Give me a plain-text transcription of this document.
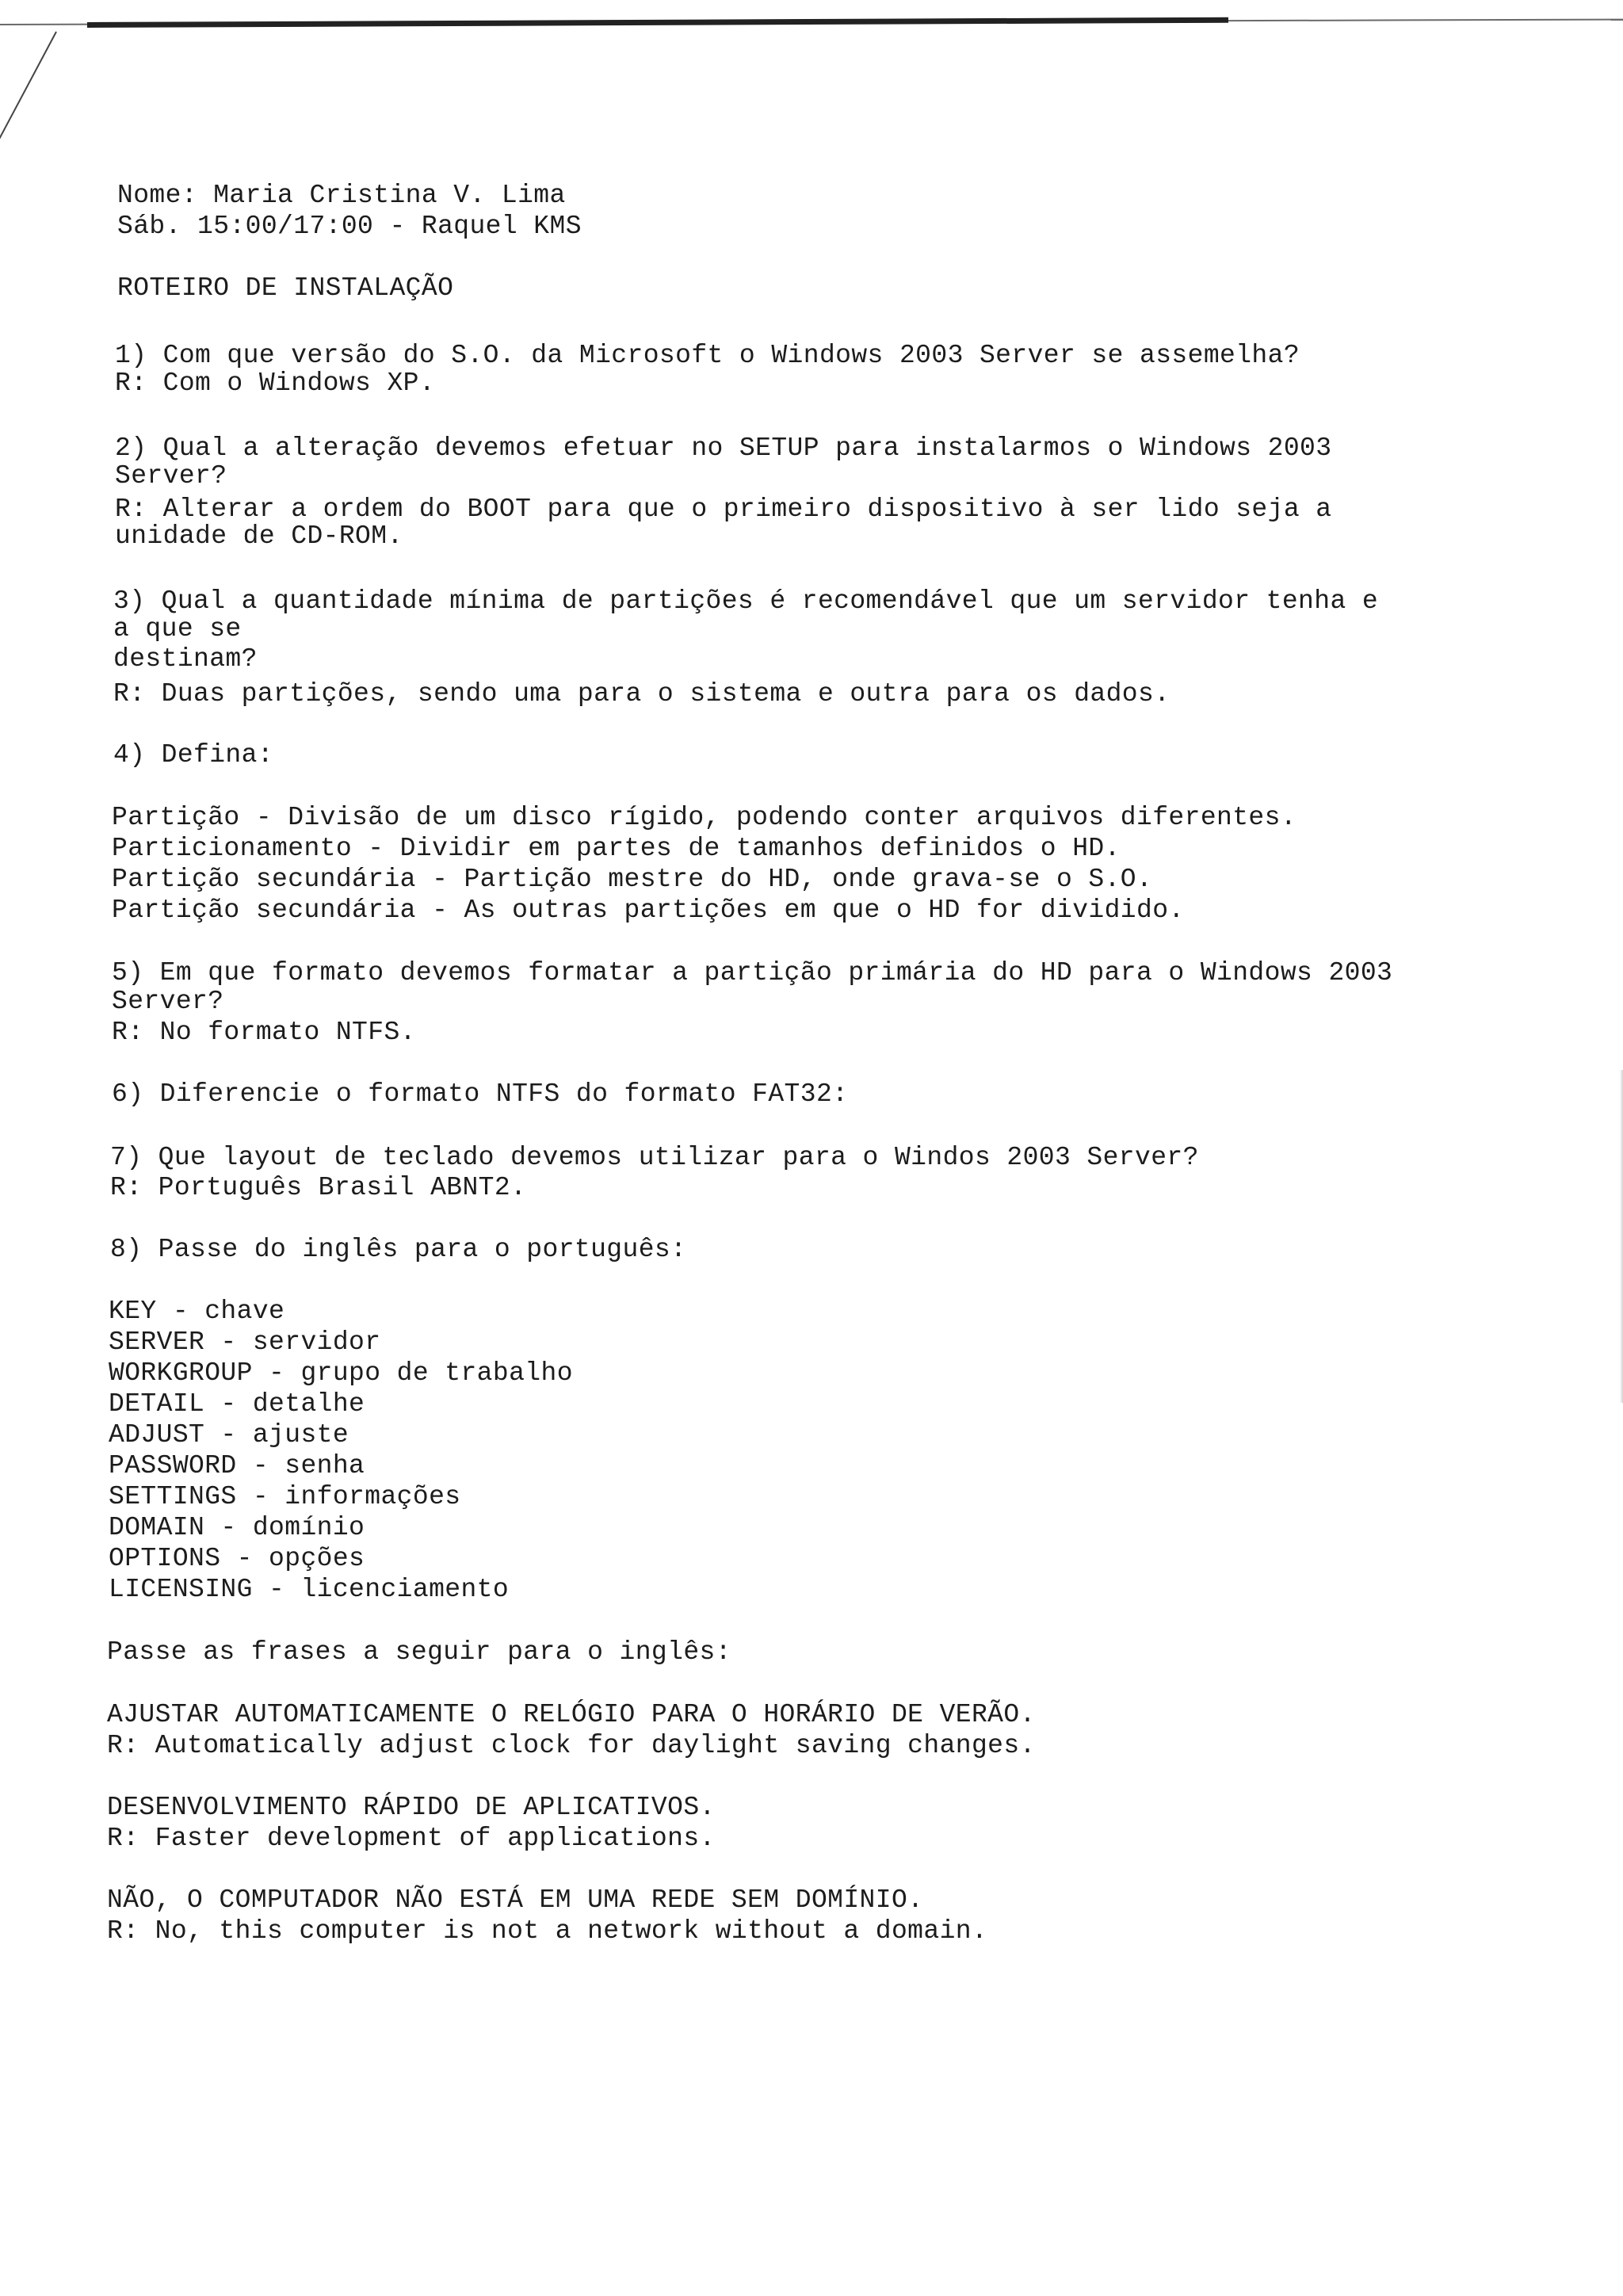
Nome: Maria Cristina V. Lima
Sáb. 15:00/17:00 - Raquel KMS
ROTEIRO DE INSTALAÇÃO
1) Com que versão do S.O. da Microsoft o Windows 2003 Server se assemelha?
R: Com o Windows XP.
2) Qual a alteração devemos efetuar no SETUP para instalarmos o Windows 2003
Server?
R: Alterar a ordem do BOOT para que o primeiro dispositivo à ser lido seja a
unidade de CD-ROM.
3) Qual a quantidade mínima de partições é recomendável que um servidor tenha e
a que se
destinam?
R: Duas partições, sendo uma para o sistema e outra para os dados.
4) Defina:
Partição - Divisão de um disco rígido, podendo conter arquivos diferentes.
Particionamento - Dividir em partes de tamanhos definidos o HD.
Partição secundária - Partição mestre do HD, onde grava-se o S.O.
Partição secundária - As outras partições em que o HD for dividido.
5) Em que formato devemos formatar a partição primária do HD para o Windows 2003
Server?
R: No formato NTFS.
6) Diferencie o formato NTFS do formato FAT32:
7) Que layout de teclado devemos utilizar para o Windos 2003 Server?
R: Português Brasil ABNT2.
8) Passe do inglês para o português:
KEY - chave
SERVER - servidor
WORKGROUP - grupo de trabalho
DETAIL - detalhe
ADJUST - ajuste
PASSWORD - senha
SETTINGS - informações
DOMAIN - domínio
OPTIONS - opções
LICENSING - licenciamento
Passe as frases a seguir para o inglês:
AJUSTAR AUTOMATICAMENTE O RELÓGIO PARA O HORÁRIO DE VERÃO.
R: Automatically adjust clock for daylight saving changes.
DESENVOLVIMENTO RÁPIDO DE APLICATIVOS.
R: Faster development of applications.
NÃO, O COMPUTADOR NÃO ESTÁ EM UMA REDE SEM DOMÍNIO.
R: No, this computer is not a network without a domain.
